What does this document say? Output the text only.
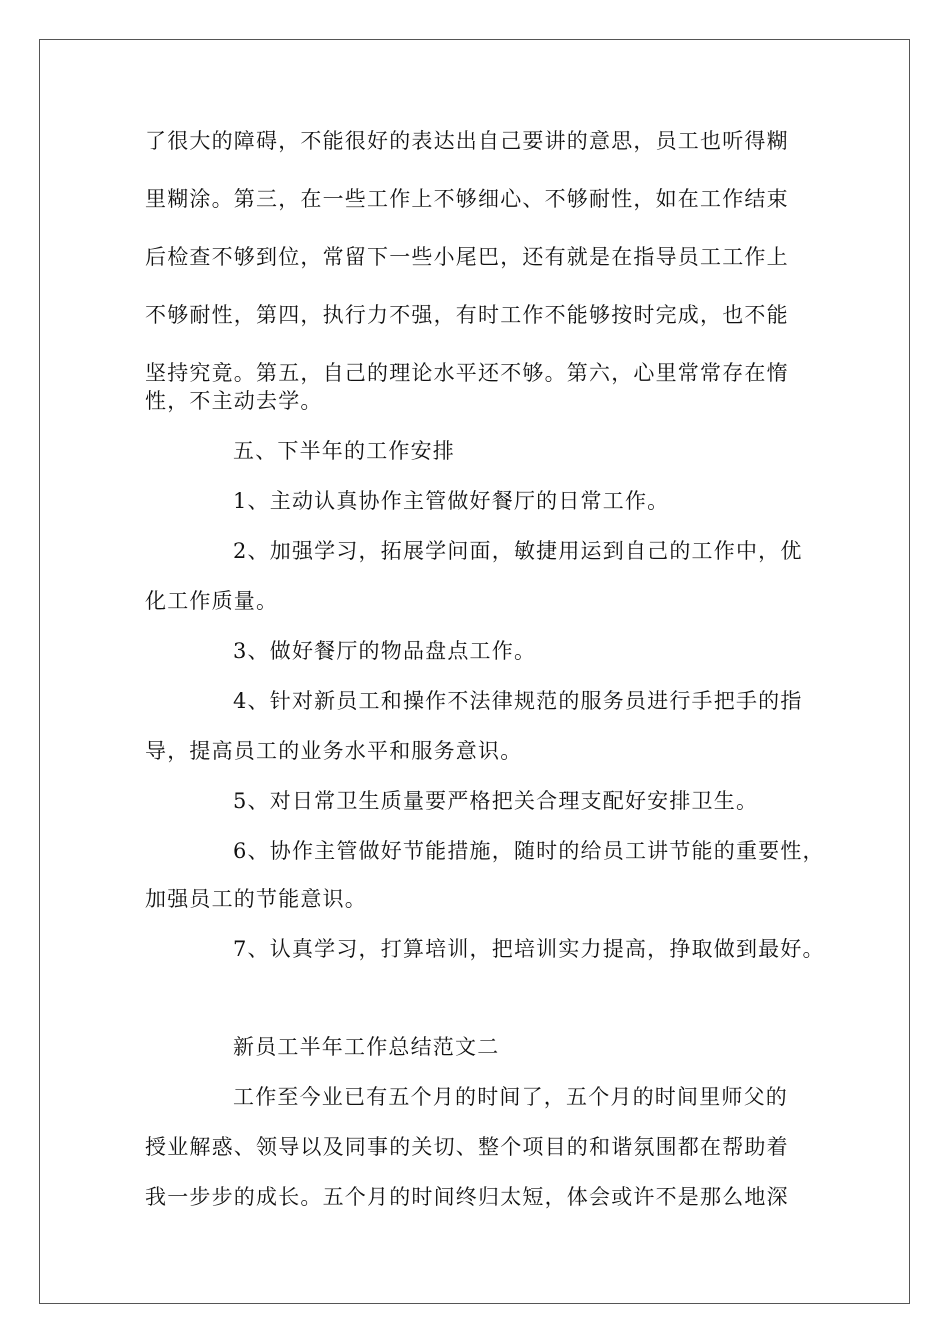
了很大的障碍，不能很好的表达出自己要讲的意思，员工也听得糊
里糊涂。第三，在一些工作上不够细心、不够耐性，如在工作结束
后检查不够到位，常留下一些小尾巴，还有就是在指导员工工作上
不够耐性，第四，执行力不强，有时工作不能够按时完成，也不能
坚持究竟。第五，自己的理论水平还不够。第六，心里常常存在惰
性，不主动去学。
五、下半年的工作安排
1、主动认真协作主管做好餐厅的日常工作。
2、加强学习，拓展学问面，敏捷用运到自己的工作中，优
化工作质量。
3、做好餐厅的物品盘点工作。
4、针对新员工和操作不法律规范的服务员进行手把手的指
导，提高员工的业务水平和服务意识。
5、对日常卫生质量要严格把关合理支配好安排卫生。
6、协作主管做好节能措施，随时的给员工讲节能的重要性，
加强员工的节能意识。
7、认真学习，打算培训，把培训实力提高，挣取做到最好。
新员工半年工作总结范文二
工作至今业已有五个月的时间了，五个月的时间里师父的
授业解惑、领导以及同事的关切、整个项目的和谐氛围都在帮助着
我一步步的成长。五个月的时间终归太短，体会或许不是那么地深
